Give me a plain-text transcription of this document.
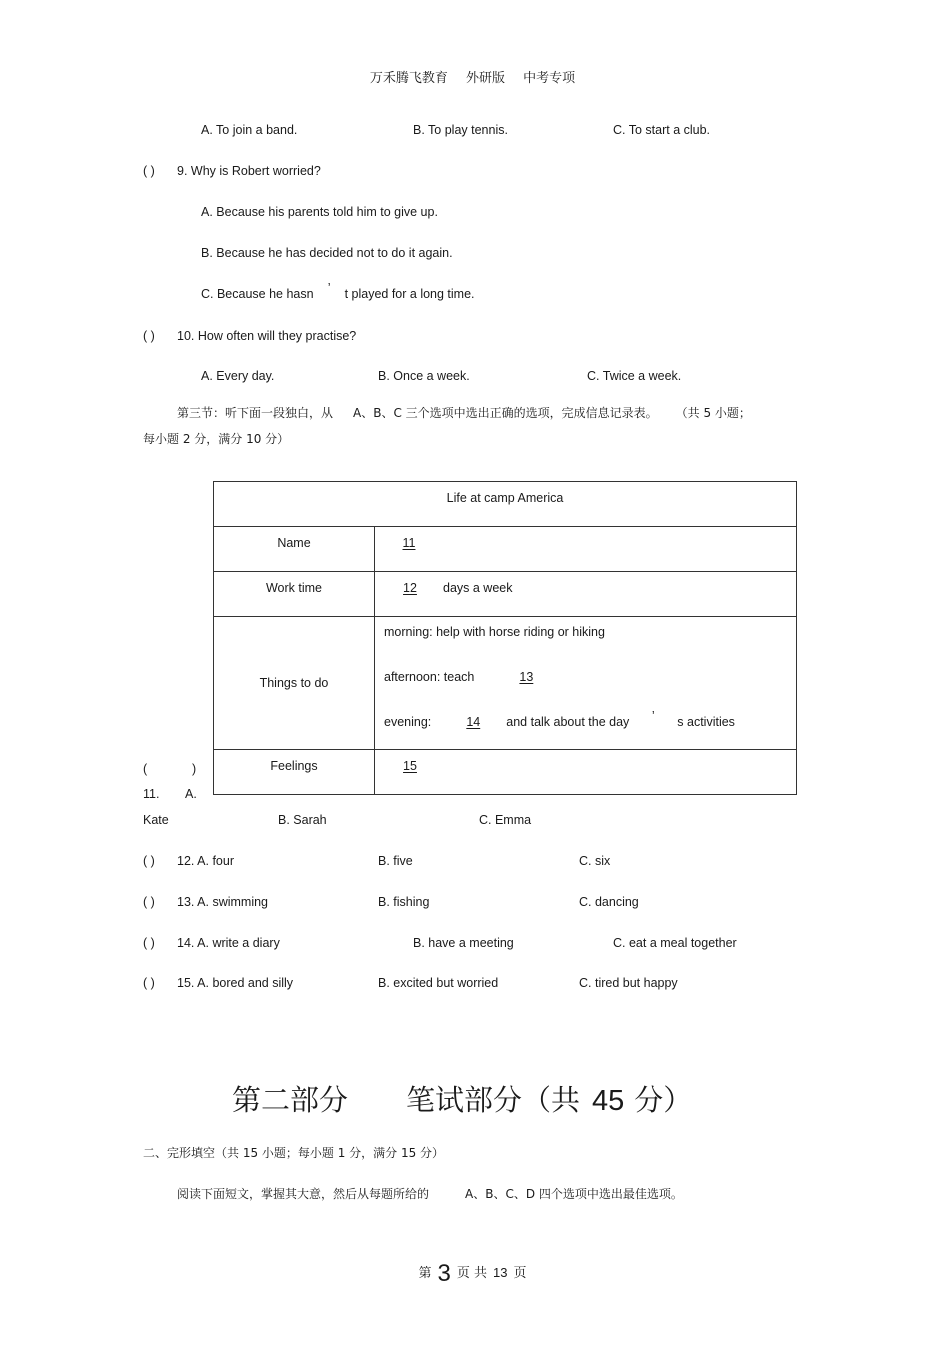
万禾腾飞教育 外研版 中考专项
A. To join a band.	B. To play tennis.	C. To start a club.
( ) 9. Why is Robert worried?
A. Because his parents told him to give up.
B. Because he has decided not to do it again.
C. Because he hasn ’ t played for a long time.
( ) 10. How often will they practise?
A. Every day.	B. Once a week.	C. Twice a week.
第三节：听下面一段独白，从 A、B、C 三个选项中选出正确的选项，完成信息记录表。 （共 5 小题；
每小题 2 分，满分 10 分）
Life at camp America	
Name	11
Work time	12 days a week
Things to do	morning: help with horse riding or hiking
afternoon: teach 13
evening: 14 and talk about the day ’ s activities

Feelings	15
(	)
11. A.
Kate	B. Sarah	C. Emma
( ) 12. A. four	B. five	C. six
( ) 13. A. swimming	B. fishing	C. dancing
( ) 14. A. write a diary	B. have a meeting	C. eat a meal together
( ) 15. A. bored and silly	B. excited but worried	C. tired but happy
第二部分 笔试部分（共 45 分）
二、完形填空（共 15 小题；每小题 1 分，满分 15 分）
阅读下面短文，掌握其大意，然后从每题所给的	A、B、C、D 四个选项中选出最佳选项。
第 3 页 共 13 页
